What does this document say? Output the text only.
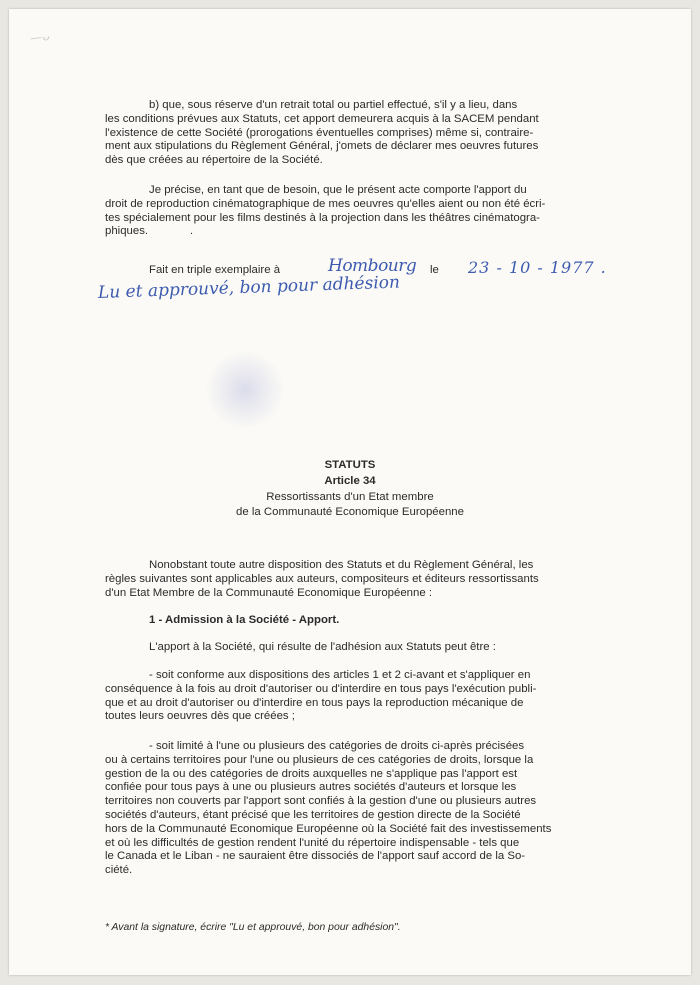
—ᴗ
b) que, sous réserve d'un retrait total ou partiel effectué, s'il y a lieu, dans
les conditions prévues aux Statuts, cet apport demeurera acquis à la SACEM pendant
l'existence de cette Société (prorogations éventuelles comprises) même si, contraire-
ment aux stipulations du Règlement Général, j'omets de déclarer mes oeuvres futures
dès que créées au répertoire de la Société.
Je précise, en tant que de besoin, que le présent acte comporte l'apport du
droit de reproduction cinématographique de mes oeuvres qu'elles aient ou non été écri-
tes spécialement pour les films destinés à la projection dans les théâtres cinématogra-
phiques.	.
Fait en triple exemplaire à	Hombourg le	23 - 10 - 1977 .
Lu et approuvé, bon pour adhésion
STATUTS
Article 34
Ressortissants d'un Etat membre
de la Communauté Economique Européenne
Nonobstant toute autre disposition des Statuts et du Règlement Général, les
règles suivantes sont applicables aux auteurs, compositeurs et éditeurs ressortissants
d'un Etat Membre de la Communauté Economique Européenne :
1 - Admission à la Société - Apport.
L'apport à la Société, qui résulte de l'adhésion aux Statuts peut être :
- soit conforme aux dispositions des articles 1 et 2 ci-avant et s'appliquer en
conséquence à la fois au droit d'autoriser ou d'interdire en tous pays l'exécution publi-
que et au droit d'autoriser ou d'interdire en tous pays la reproduction mécanique de
toutes leurs oeuvres dès que créées ;
- soit limité à l'une ou plusieurs des catégories de droits ci-après précisées
ou à certains territoires pour l'une ou plusieurs de ces catégories de droits, lorsque la
gestion de la ou des catégories de droits auxquelles ne s'applique pas l'apport est
confiée pour tous pays à une ou plusieurs autres sociétés d'auteurs et lorsque les
territoires non couverts par l'apport sont confiés à la gestion d'une ou plusieurs autres
sociétés d'auteurs, étant précisé que les territoires de gestion directe de la Société
hors de la Communauté Economique Européenne où la Société fait des investissements
et où les difficultés de gestion rendent l'unité du répertoire indispensable - tels que
le Canada et le Liban - ne sauraient être dissociés de l'apport sauf accord de la So-
ciété.
* Avant la signature, écrire "Lu et approuvé, bon pour adhésion".
